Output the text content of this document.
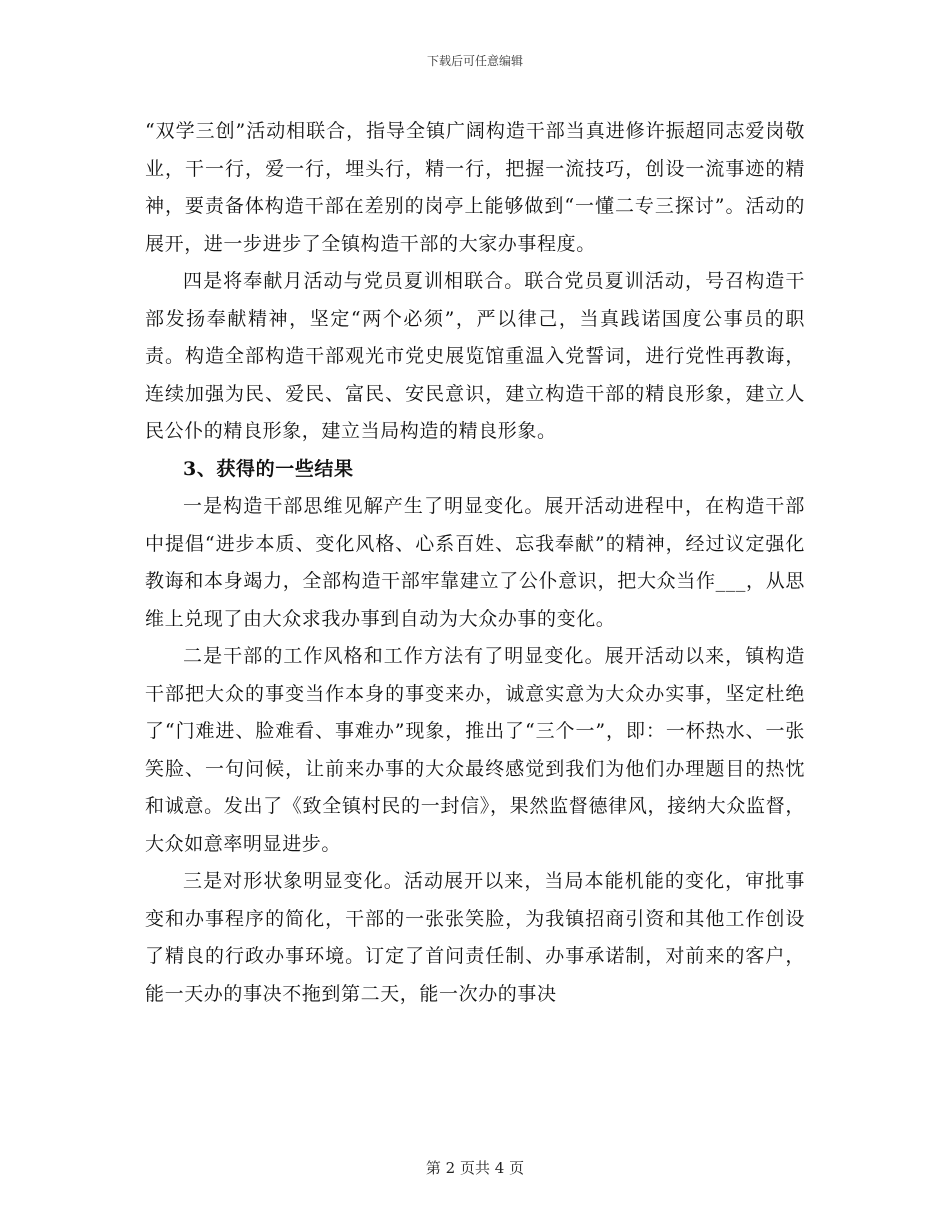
下载后可任意编辑

“双学三创”活动相联合，指导全镇广阔构造干部当真进修许振超同志爱岗敬业，干一行，爱一行，埋头行，精一行，把握一流技巧，创设一流事迹的精神，要责备体构造干部在差别的岗亭上能够做到“一懂二专三探讨”。活动的展开，进一步进步了全镇构造干部的大家办事程度。

四是将奉献月活动与党员夏训相联合。联合党员夏训活动，号召构造干部发扬奉献精神，坚定“两个必须”，严以律己，当真践诺国度公事员的职责。构造全部构造干部观光市党史展览馆重温入党誓词，进行党性再教诲，连续加强为民、爱民、富民、安民意识，建立构造干部的精良形象，建立人民公仆的精良形象，建立当局构造的精良形象。

3、获得的一些结果

一是构造干部思维见解产生了明显变化。展开活动进程中，在构造干部中提倡“进步本质、变化风格、心系百姓、忘我奉献”的精神，经过议定强化教诲和本身竭力，全部构造干部牢靠建立了公仆意识，把大众当作___，从思维上兑现了由大众求我办事到自动为大众办事的变化。

二是干部的工作风格和工作方法有了明显变化。展开活动以来，镇构造干部把大众的事变当作本身的事变来办，诚意实意为大众办实事，坚定杜绝了“门难进、脸难看、事难办”现象，推出了“三个一”，即：一杯热水、一张笑脸、一句问候，让前来办事的大众最终感觉到我们为他们办理题目的热忱和诚意。发出了《致全镇村民的一封信》，果然监督德律风，接纳大众监督，大众如意率明显进步。

三是对形状象明显变化。活动展开以来，当局本能机能的变化，审批事变和办事程序的简化，干部的一张张笑脸，为我镇招商引资和其他工作创设了精良的行政办事环境。订定了首问责任制、办事承诺制，对前来的客户，能一天办的事决不拖到第二天，能一次办的事决

第 2 页共 4 页
